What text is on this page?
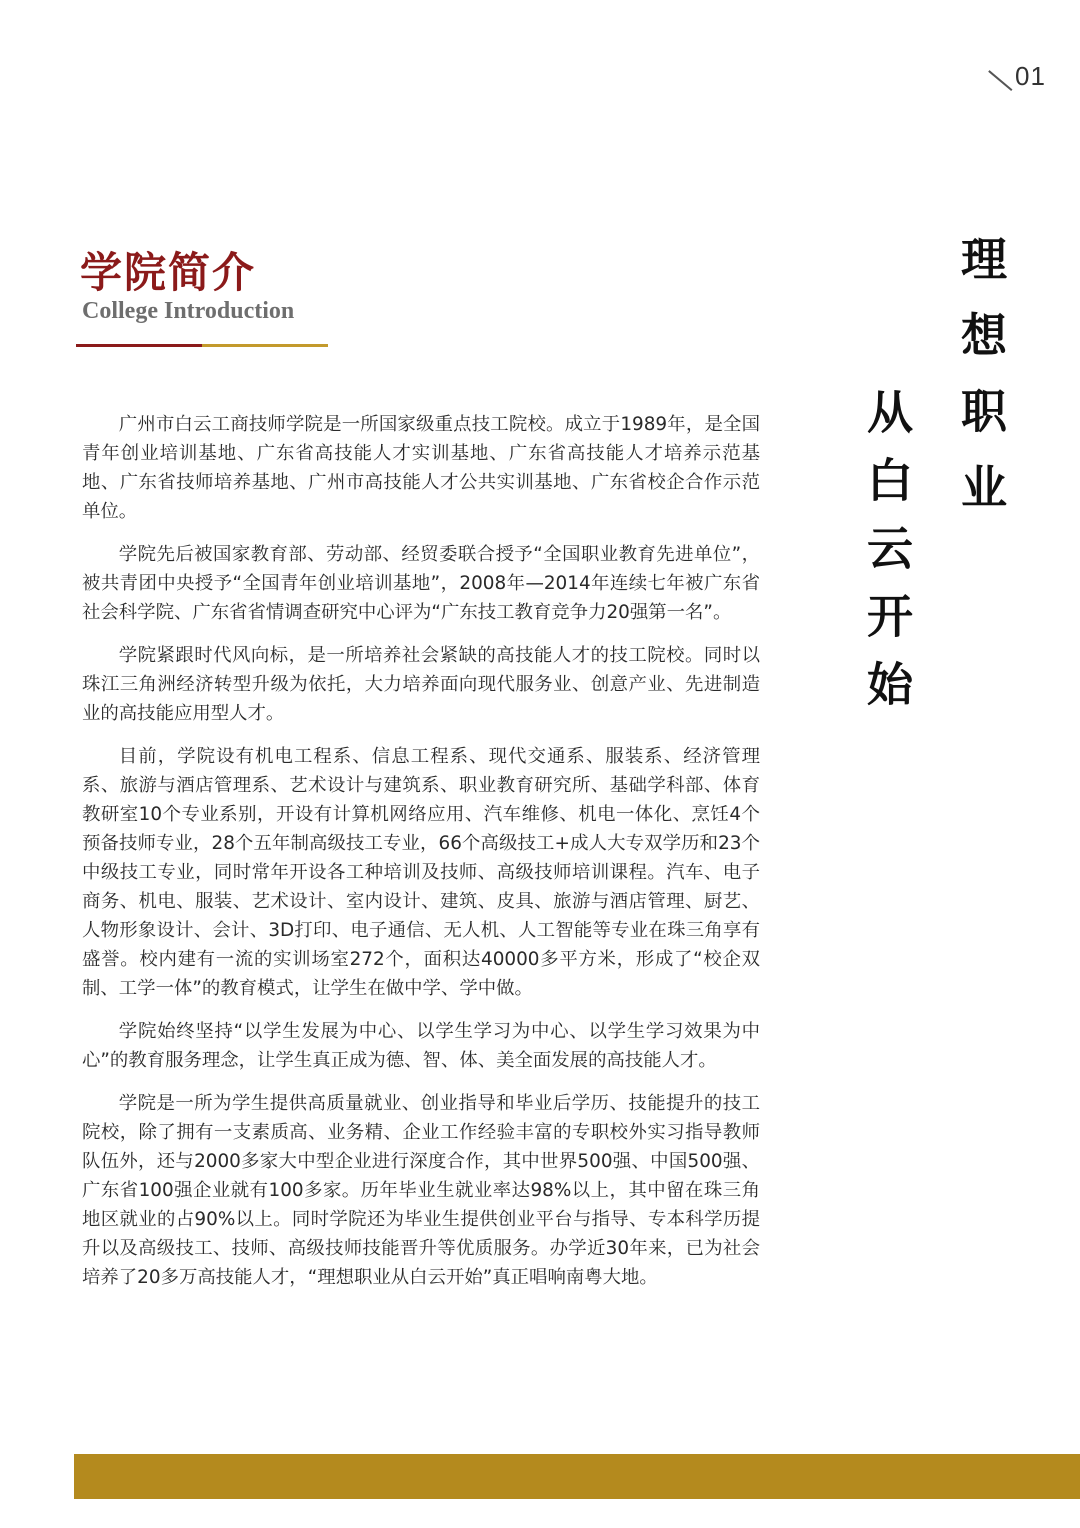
01
学院简介
College Introduction	理想职业
从白云开始

广州市白云工商技师学院是一所国家级重点技工院校。成立于1989年，是全国青年创业培训基地、广东省高技能人才实训基地、广东省高技能人才培养示范基地、广东省技师培养基地、广州市高技能人才公共实训基地、广东省校企合作示范单位。

学院先后被国家教育部、劳动部、经贸委联合授予“全国职业教育先进单位”，被共青团中央授予“全国青年创业培训基地”，2008年—2014年连续七年被广东省社会科学院、广东省省情调查研究中心评为“广东技工教育竞争力20强第一名”。

学院紧跟时代风向标，是一所培养社会紧缺的高技能人才的技工院校。同时以珠江三角洲经济转型升级为依托，大力培养面向现代服务业、创意产业、先进制造业的高技能应用型人才。

目前，学院设有机电工程系、信息工程系、现代交通系、服装系、经济管理系、旅游与酒店管理系、艺术设计与建筑系、职业教育研究所、基础学科部、体育教研室10个专业系别，开设有计算机网络应用、汽车维修、机电一体化、烹饪4个预备技师专业，28个五年制高级技工专业，66个高级技工+成人大专双学历和23个中级技工专业，同时常年开设各工种培训及技师、高级技师培训课程。汽车、电子商务、机电、服装、艺术设计、室内设计、建筑、皮具、旅游与酒店管理、厨艺、人物形象设计、会计、3D打印、电子通信、无人机、人工智能等专业在珠三角享有盛誉。校内建有一流的实训场室272个，面积达40000多平方米，形成了“校企双制、工学一体”的教育模式，让学生在做中学、学中做。

学院始终坚持“以学生发展为中心、以学生学习为中心、以学生学习效果为中心”的教育服务理念，让学生真正成为德、智、体、美全面发展的高技能人才。

学院是一所为学生提供高质量就业、创业指导和毕业后学历、技能提升的技工院校，除了拥有一支素质高、业务精、企业工作经验丰富的专职校外实习指导教师队伍外，还与2000多家大中型企业进行深度合作，其中世界500强、中国500强、广东省100强企业就有100多家。历年毕业生就业率达98%以上，其中留在珠三角地区就业的占90%以上。同时学院还为毕业生提供创业平台与指导、专本科学历提升以及高级技工、技师、高级技师技能晋升等优质服务。办学近30年来，已为社会培养了20多万高技能人才，“理想职业从白云开始”真正唱响南粤大地。
